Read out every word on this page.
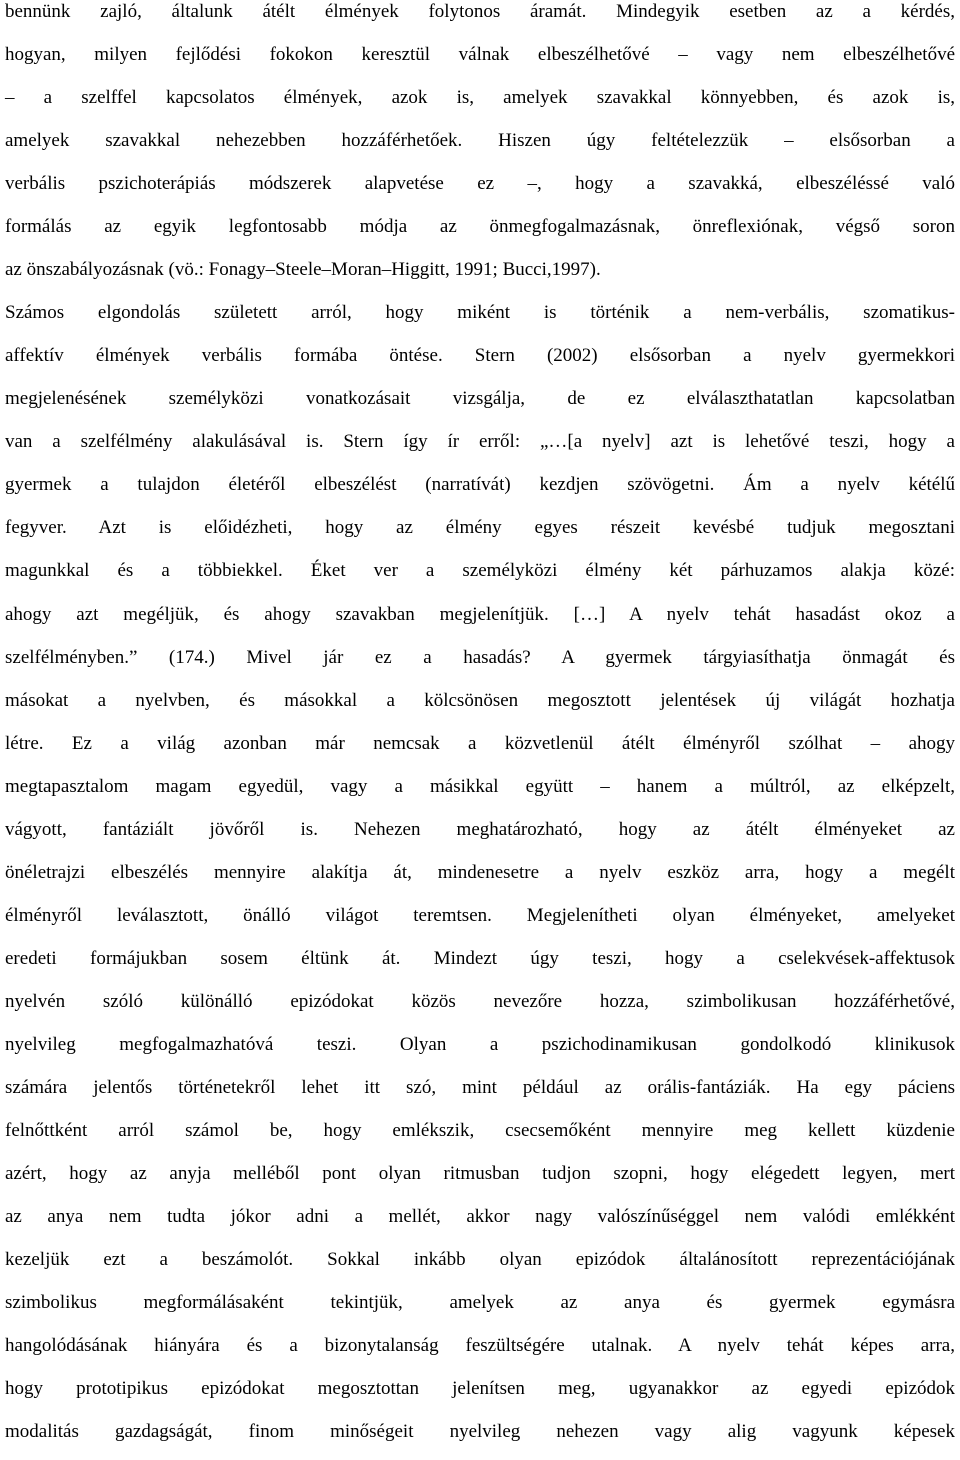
bennünk zajló, általunk átélt élmények folytonos áramát. Mindegyik esetben az a kérdés,
hogyan, milyen fejlődési fokokon keresztül válnak elbeszélhetővé – vagy nem elbeszélhetővé
– a szelffel kapcsolatos élmények, azok is, amelyek szavakkal könnyebben, és azok is,
amelyek szavakkal nehezebben hozzáférhetőek. Hiszen úgy feltételezzük – elsősorban a
verbális pszichoterápiás módszerek alapvetése ez –, hogy a szavakká, elbeszéléssé való
formálás az egyik legfontosabb módja az önmegfogalmazásnak, önreflexiónak, végső soron
az önszabályozásnak (vö.: Fonagy–Steele–Moran–Higgitt, 1991; Bucci,1997).
Számos elgondolás született arról, hogy miként is történik a nem-verbális, szomatikus-
affektív élmények verbális formába öntése. Stern (2002) elsősorban a nyelv gyermekkori
megjelenésének személyközi vonatkozásait vizsgálja, de ez elválaszthatatlan kapcsolatban
van a szelfélmény alakulásával is. Stern így ír erről: „…[a nyelv] azt is lehetővé teszi, hogy a
gyermek a tulajdon életéről elbeszélést (narratívát) kezdjen szövögetni. Ám a nyelv kétélű
fegyver. Azt is előidézheti, hogy az élmény egyes részeit kevésbé tudjuk megosztani
magunkkal és a többiekkel. Éket ver a személyközi élmény két párhuzamos alakja közé:
ahogy azt megéljük, és ahogy szavakban megjelenítjük. […] A nyelv tehát hasadást okoz a
szelfélményben.” (174.) Mivel jár ez a hasadás? A gyermek tárgyiasíthatja önmagát és
másokat a nyelvben, és másokkal a kölcsönösen megosztott jelentések új világát hozhatja
létre. Ez a világ azonban már nemcsak a közvetlenül átélt élményről szólhat – ahogy
megtapasztalom magam egyedül, vagy a másikkal együtt – hanem a múltról, az elképzelt,
vágyott, fantáziált jövőről is. Nehezen meghatározható, hogy az átélt élményeket az
önéletrajzi elbeszélés mennyire alakítja át, mindenesetre a nyelv eszköz arra, hogy a megélt
élményről leválasztott, önálló világot teremtsen. Megjelenítheti olyan élményeket, amelyeket
eredeti formájukban sosem éltünk át. Mindezt úgy teszi, hogy a cselekvések-affektusok
nyelvén szóló különálló epizódokat közös nevezőre hozza, szimbolikusan hozzáférhetővé,
nyelvileg megfogalmazhatóvá teszi. Olyan a pszichodinamikusan gondolkodó klinikusok
számára jelentős történetekről lehet itt szó, mint például az orális-fantáziák. Ha egy páciens
felnőttként arról számol be, hogy emlékszik, csecsemőként mennyire meg kellett küzdenie
azért, hogy az anyja melléből pont olyan ritmusban tudjon szopni, hogy elégedett legyen, mert
az anya nem tudta jókor adni a mellét, akkor nagy valószínűséggel nem valódi emlékként
kezeljük ezt a beszámolót. Sokkal inkább olyan epizódok általánosított reprezentációjának
szimbolikus megformálásaként tekintjük, amelyek az anya és gyermek egymásra
hangolódásának hiányára és a bizonytalanság feszültségére utalnak. A nyelv tehát képes arra,
hogy prototipikus epizódokat megosztottan jelenítsen meg, ugyanakkor az egyedi epizódok
modalitás gazdagságát, finom minőségeit nyelvileg nehezen vagy alig vagyunk képesek
